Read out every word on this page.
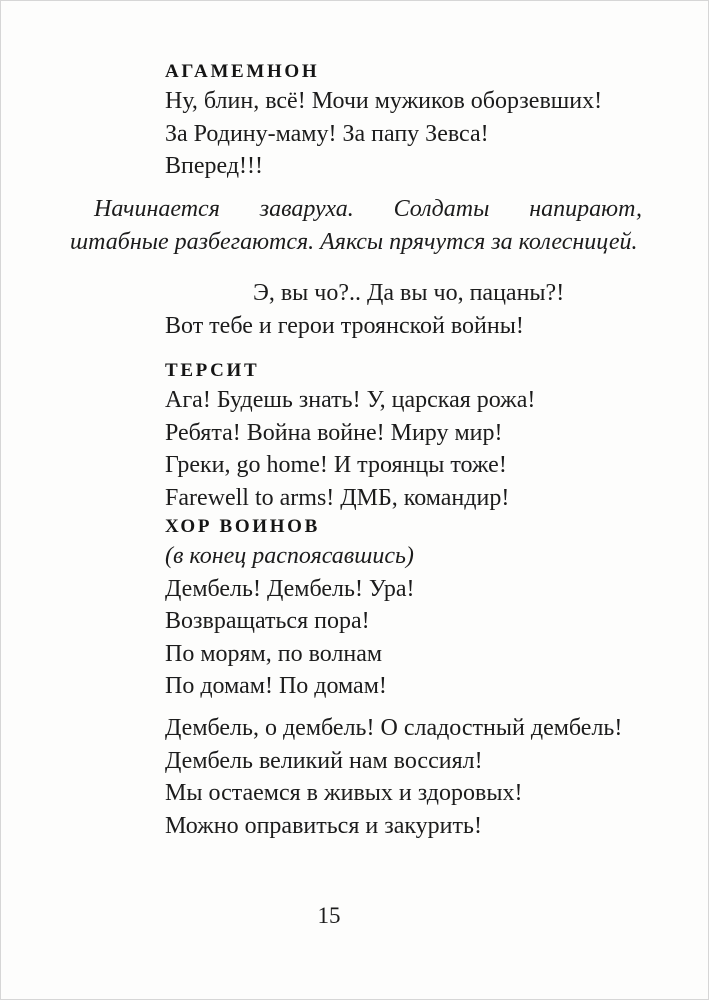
АГАМЕМНОН
Ну, блин, всё! Мочи мужиков оборзевших!
За Родину-маму! За папу Зевса!
Вперед!!!
Начинается заваруха. Солдаты напирают, штабные разбегаются. Аяксы прячутся за колесницей.
Э, вы чо?.. Да вы чо, пацаны?!
Вот тебе и герои троянской войны!
ТЕРСИТ
Ага! Будешь знать! У, царская рожа!
Ребята! Война войне! Миру мир!
Греки, go home! И троянцы тоже!
Farewell to arms! ДМБ, командир!
ХОР ВОИНОВ
(в конец распоясавшись)
Дембель! Дембель! Ура!
Возвращаться пора!
По морям, по волнам
По домам! По домам!
Дембель, о дембель! О сладостный дембель!
Дембель великий нам воссиял!
Мы остаемся в живых и здоровых!
Можно оправиться и закурить!
15
